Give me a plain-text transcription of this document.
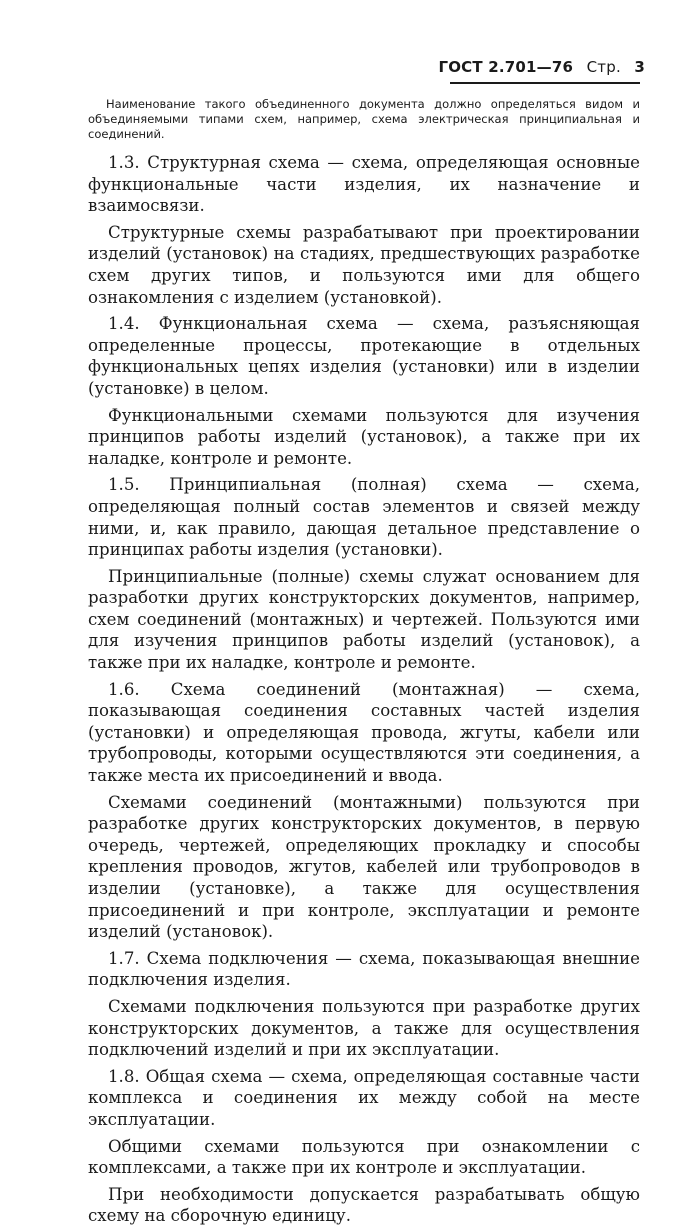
ГОСТ 2.701—76 Стр. 3

Наименование такого объединенного документа должно определяться видом и объединяемыми типами схем, например, схема электрическая принципиальная и соединений.

1.3. Структурная схема — схема, определяющая основные функциональные части изделия, их назначение и взаимосвязи.

Структурные схемы разрабатывают при проектировании изделий (установок) на стадиях, предшествующих разработке схем других типов, и пользуются ими для общего ознакомления с изделием (установкой).

1.4. Функциональная схема — схема, разъясняющая определенные процессы, протекающие в отдельных функциональных цепях изделия (установки) или в изделии (установке) в целом.

Функциональными схемами пользуются для изучения принципов работы изделий (установок), а также при их наладке, контроле и ремонте.

1.5. Принципиальная (полная) схема — схема, определяющая полный состав элементов и связей между ними, и, как правило, дающая детальное представление о принципах работы изделия (установки).

Принципиальные (полные) схемы служат основанием для разработки других конструкторских документов, например, схем соединений (монтажных) и чертежей. Пользуются ими для изучения принципов работы изделий (установок), а также при их наладке, контроле и ремонте.

1.6. Схема соединений (монтажная) — схема, показывающая соединения составных частей изделия (установки) и определяющая провода, жгуты, кабели или трубопроводы, которыми осуществляются эти соединения, а также места их присоединений и ввода.

Схемами соединений (монтажными) пользуются при разработке других конструкторских документов, в первую очередь, чертежей, определяющих прокладку и способы крепления проводов, жгутов, кабелей или трубопроводов в изделии (установке), а также для осуществления присоединений и при контроле, эксплуатации и ремонте изделий (установок).

1.7. Схема подключения — схема, показывающая внешние подключения изделия.

Схемами подключения пользуются при разработке других конструкторских документов, а также для осуществления подключений изделий и при их эксплуатации.

1.8. Общая схема — схема, определяющая составные части комплекса и соединения их между собой на месте эксплуатации.

Общими схемами пользуются при ознакомлении с комплексами, а также при их контроле и эксплуатации.

При необходимости допускается разрабатывать общую схему на сборочную единицу.
